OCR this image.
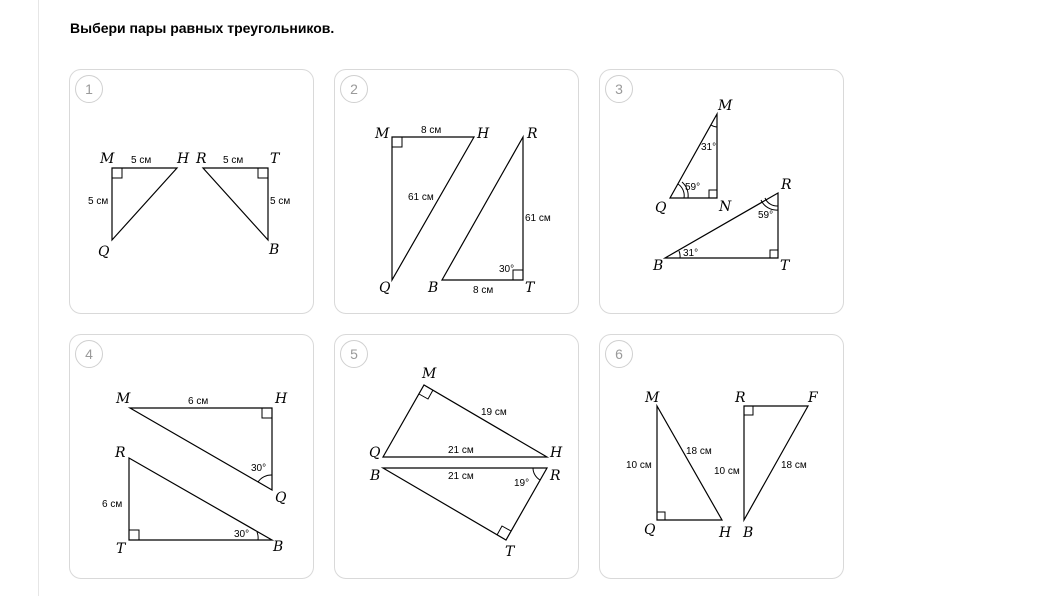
Выбери пары равных треугольников.
1
M	H
Q
R	T
B
5 см
5 см
5 см
5 см
2
M	H
Q
R
B	T
8 см
61 см
61 см
8 см
30°
3
M
Q	N
R
B	T
31°
59°
59°
31°
4
M	H
Q
R
T	B
6 см
30°
6 см
30°
5
M
Q	H
B	R
T
19 см
21 см
21 см
19°
6
M
Q	H
R	F
B
10 см
18 см
10 см
18 см
